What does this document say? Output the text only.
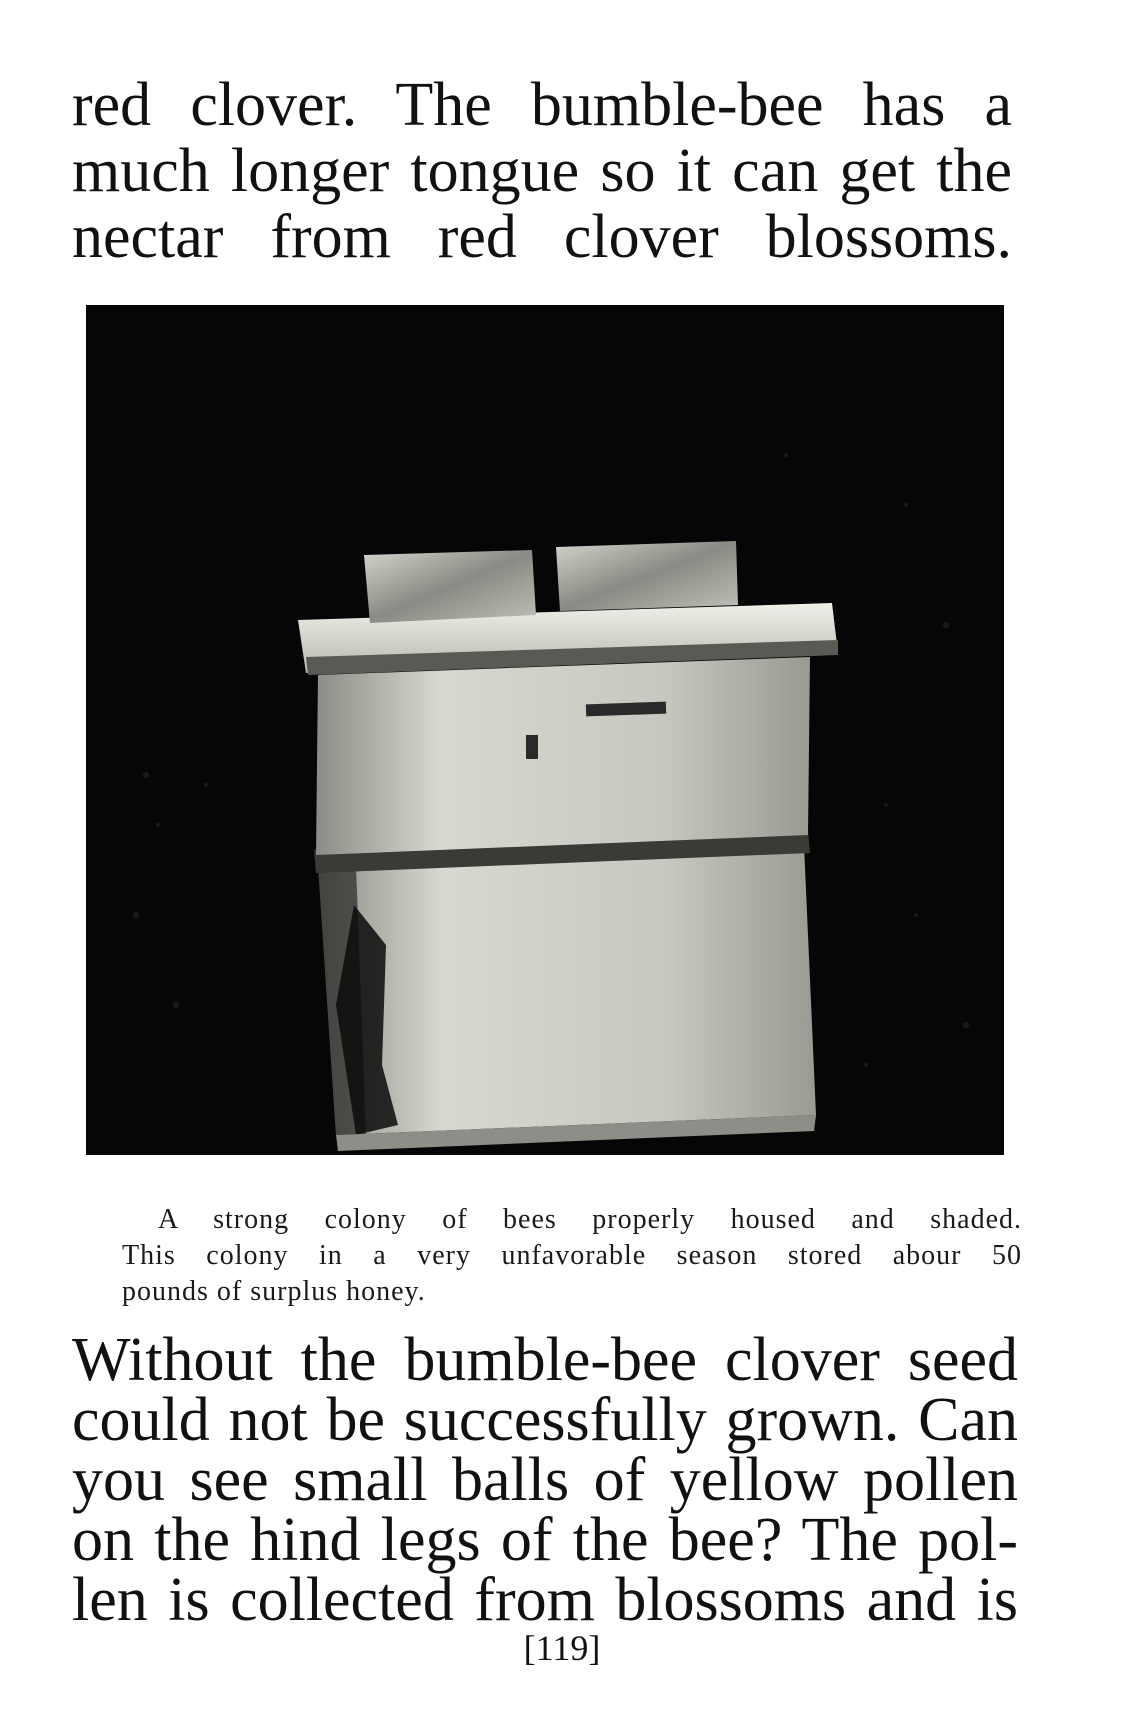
red clover. The bumble-bee has a
much longer tongue so it can get the
nectar from red clover blossoms.
A strong colony of bees properly housed and shaded.
This colony in a very unfavorable season stored abour 50
pounds of surplus honey.
Without the bumble-bee clover seed
could not be successfully grown. Can
you see small balls of yellow pollen
on the hind legs of the bee? The pol-
len is collected from blossoms and is
[119]
